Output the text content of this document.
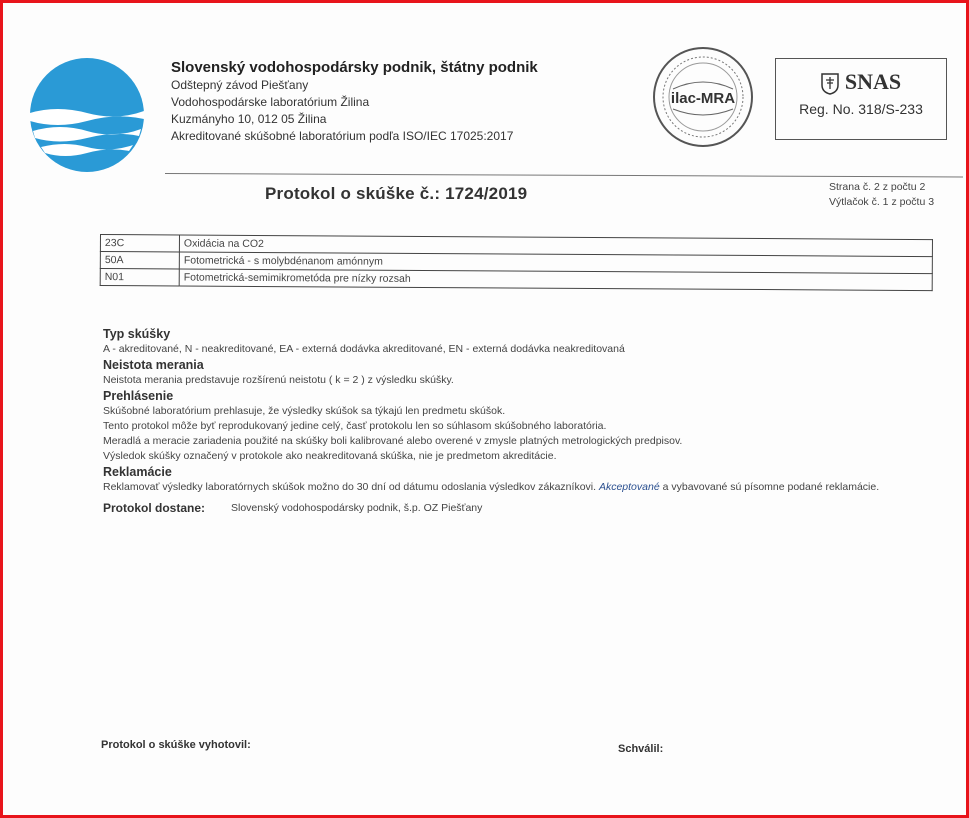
Slovenský vodohospodársky podnik, štátny podnik
Odštepný závod Piešťany
Vodohospodárske laboratórium Žilina
Kuzmányho 10, 012 05 Žilina
Akreditované skúšobné laboratórium podľa ISO/IEC 17025:2017
ilac-MRA
SNAS
Reg. No. 318/S-233
Protokol o skúške č.: 1724/2019	Strana č. 2 z počtu 2
Výtlačok č. 1 z počtu 3
23C	Oxidácia na CO2
50A	Fotometrická - s molybdénanom amónnym
N01	Fotometrická-semimikrometóda pre nízky rozsah
Typ skúšky

A - akreditované, N - neakreditované, EA - externá dodávka akreditované, EN - externá dodávka neakreditovaná

Neistota merania

Neistota merania predstavuje rozšírenú neistotu ( k = 2 ) z výsledku skúšky.

Prehlásenie

Skúšobné laboratórium prehlasuje, že výsledky skúšok sa týkajú len predmetu skúšok.

Tento protokol môže byť reprodukovaný jedine celý, časť protokolu len so súhlasom skúšobného laboratória.

Meradlá a meracie zariadenia použité na skúšky boli kalibrované alebo overené v zmysle platných metrologických predpisov.

Výsledok skúšky označený v protokole ako neakreditovaná skúška, nie je predmetom akreditácie.

Reklamácie

Reklamovať výsledky laboratórnych skúšok možno do 30 dní od dátumu odoslania výsledkov zákazníkovi. Akceptované a vybavované sú písomne podané reklamácie.

Protokol dostane:	Slovenský vodohospodársky podnik, š.p. OZ Piešťany
Protokol o skúške vyhotovil:	Schválil:
